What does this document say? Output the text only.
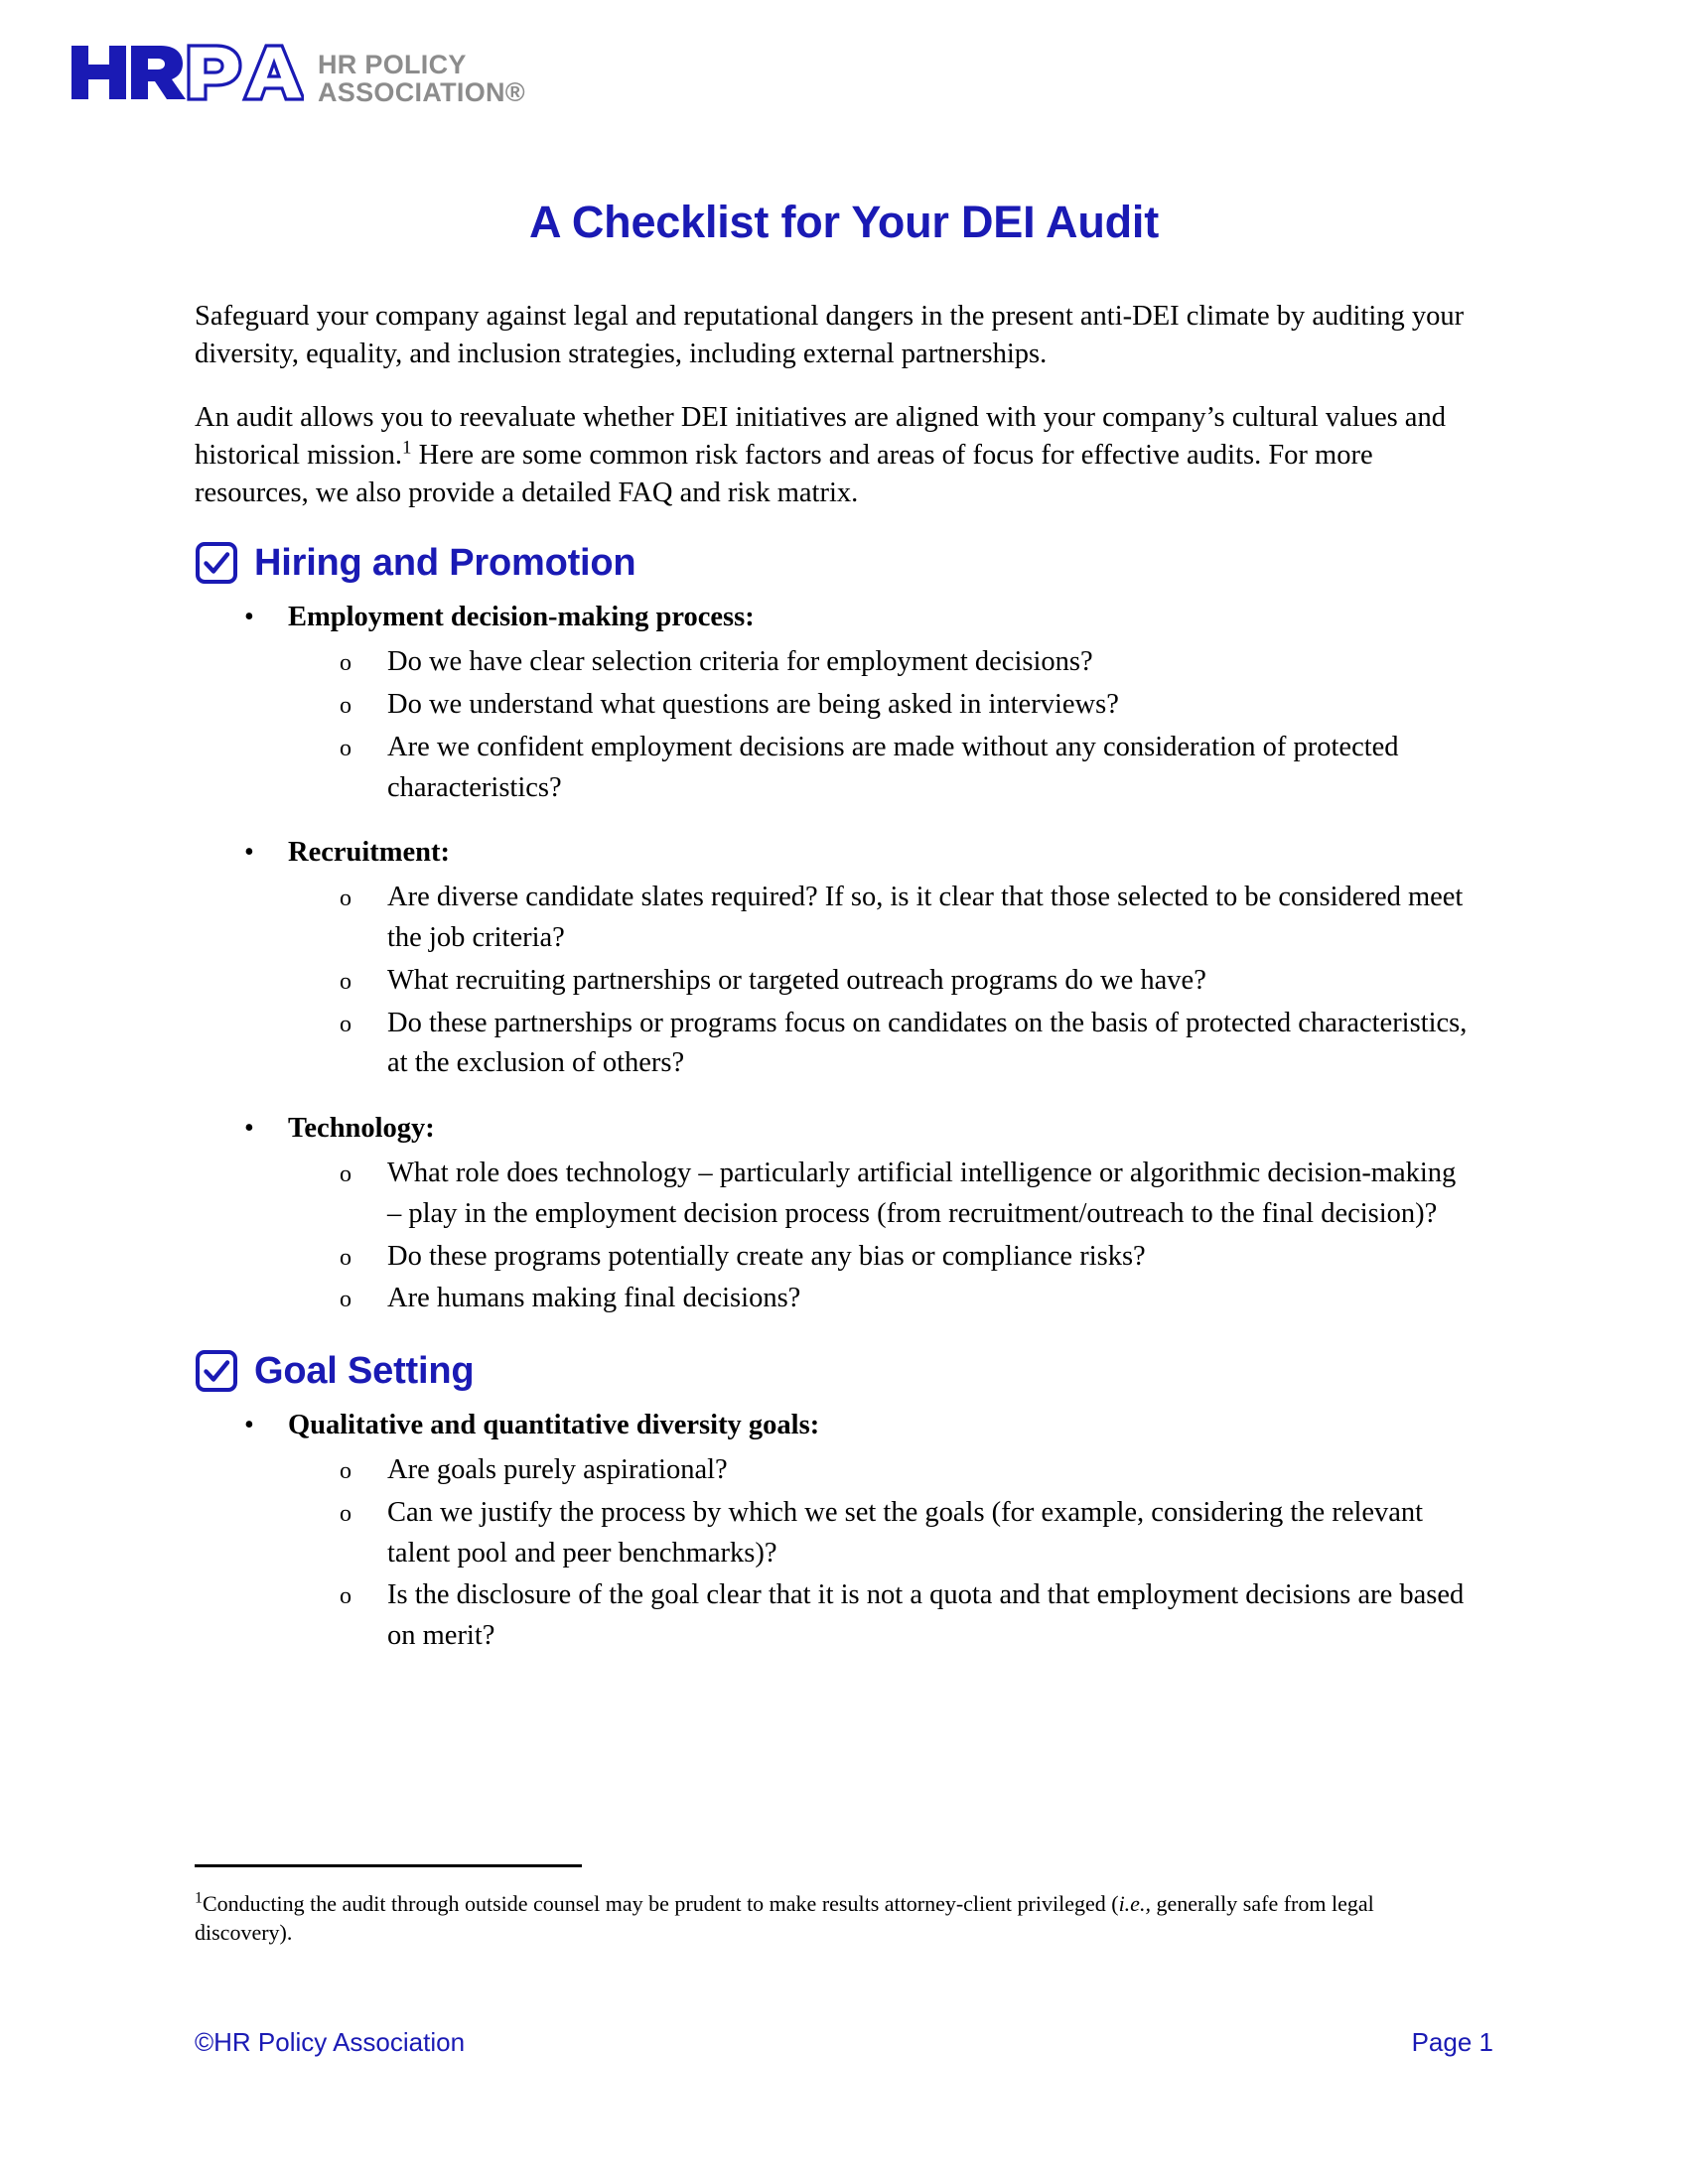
HR POLICY
ASSOCIATION®
A Checklist for Your DEI Audit

Safeguard your company against legal and reputational dangers in the present anti-DEI climate by auditing your diversity, equality, and inclusion strategies, including external partnerships.

An audit allows you to reevaluate whether DEI initiatives are aligned with your company’s cultural values and historical mission.$^1$ Here are some common risk factors and areas of focus for effective audits. For more resources, we also provide a detailed FAQ and risk matrix.

Hiring and Promotion
•	Employment decision-making process:
o	Do we have clear selection criteria for employment decisions?
o	Do we understand what questions are being asked in interviews?
o	Are we confident employment decisions are made without any consideration of protected characteristics?
•	Recruitment:
o	Are diverse candidate slates required? If so, is it clear that those selected to be considered meet the job criteria?
o	What recruiting partnerships or targeted outreach programs do we have?
o	Do these partnerships or programs focus on candidates on the basis of protected characteristics, at the exclusion of others?
•	Technology:
o	What role does technology – particularly artificial intelligence or algorithmic decision-making – play in the employment decision process (from recruitment/outreach to the final decision)?
o	Do these programs potentially create any bias or compliance risks?
o	Are humans making final decisions?
Goal Setting
•	Qualitative and quantitative diversity goals:
o	Are goals purely aspirational?
o	Can we justify the process by which we set the goals (for example, considering the relevant talent pool and peer benchmarks)?
o	Is the disclosure of the goal clear that it is not a quota and that employment decisions are based on merit?
$^1$Conducting the audit through outside counsel may be prudent to make results attorney-client privileged (i.e., generally safe from legal discovery).
©HR Policy Association	Page 1
